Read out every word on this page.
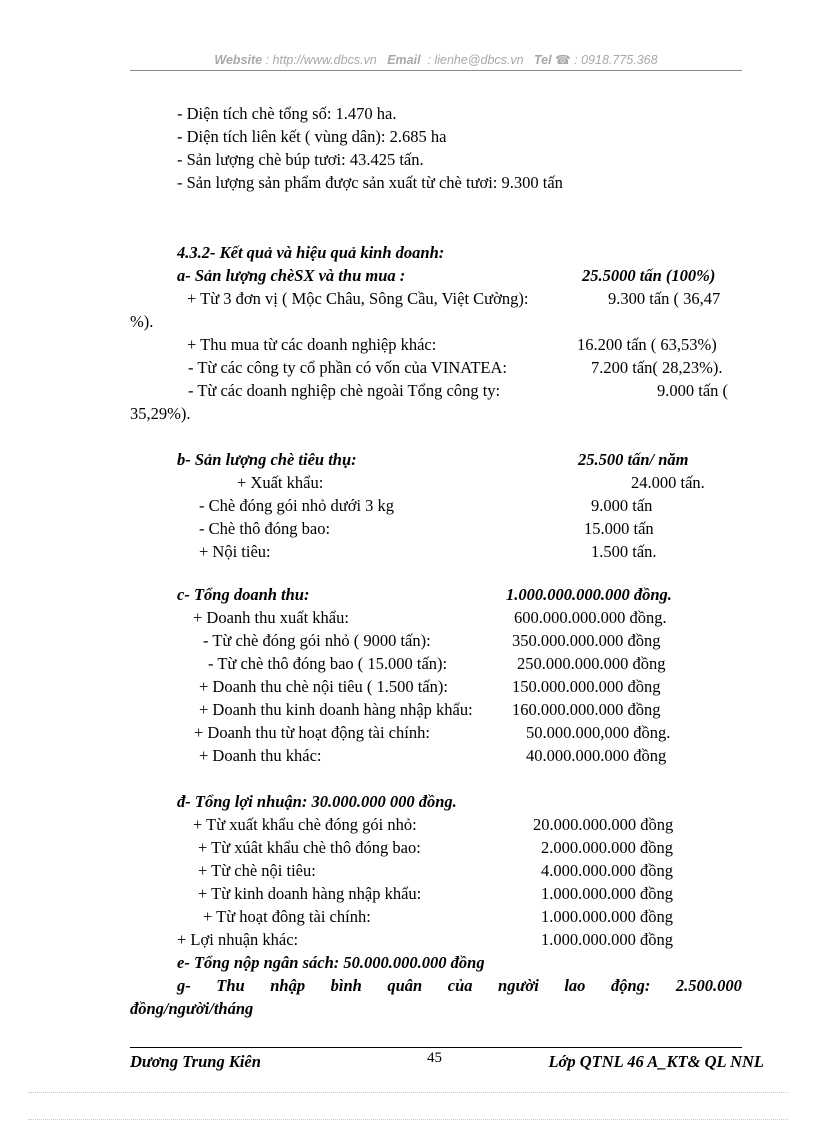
Website : http://www.dbcs.vn Email : lienhe@dbcs.vn Tel ☎ : 0918.775.368
- Diện tích chè tổng số: 1.470 ha.
- Diện tích liên kết ( vùng dân): 2.685 ha
- Sản lượng chè búp tươi: 43.425 tấn.
- Sản lượng sản phẩm được sản xuất từ chè tươi: 9.300 tấn
4.3.2- Kết quả và hiệu quả kinh doanh:
a- Sản lượng chèSX và thu mua :	25.5000 tấn (100%)
+ Từ 3 đơn vị ( Mộc Châu, Sông Cầu, Việt Cường):	9.300 tấn ( 36,47
%).
+ Thu mua từ các doanh nghiệp khác:	16.200 tấn ( 63,53%)
- Từ các công ty cổ phần có vốn của VINATEA:	7.200 tấn( 28,23%).
- Từ các doanh nghiệp chè ngoài Tổng công ty:	9.000 tấn (
35,29%).
b- Sản lượng chè tiêu thụ:	25.500 tấn/ năm
+ Xuất khẩu:	24.000 tấn.
- Chè đóng gói nhỏ dưới 3 kg	9.000 tấn
- Chè thô đóng bao:	15.000 tấn
+ Nội tiêu:	1.500 tấn.
c- Tổng doanh thu:	1.000.000.000.000 đồng.
+ Doanh thu xuất khẩu:	600.000.000.000 đồng.
- Từ chè đóng gói nhỏ ( 9000 tấn):	350.000.000.000 đồng
- Từ chè thô đóng bao ( 15.000 tấn):	250.000.000.000 đồng
+ Doanh thu chè nội tiêu ( 1.500 tấn):	150.000.000.000 đồng
+ Doanh thu kinh doanh hàng nhập khẩu: 160.000.000.000 đồng
+ Doanh thu từ hoạt động tài chính:	50.000.000,000 đồng.
+ Doanh thu khác:	40.000.000.000 đồng
đ- Tổng lợi nhuận: 30.000.000 000 đồng.
+ Từ xuất khẩu chè đóng gói nhỏ:	20.000.000.000 đồng
+ Từ xúât khẩu chè thô đóng bao:	2.000.000.000 đồng
+ Từ chè nội tiêu:	4.000.000.000 đồng
+ Từ kinh doanh hàng nhập khẩu:	1.000.000.000 đồng
+ Từ hoạt đông tài chính:	1.000.000.000 đồng
+ Lợi nhuận khác:	1.000.000.000 đồng
e- Tổng nộp ngân sách: 50.000.000.000 đồng
g- Thu nhập bình quân của người lao động: 2.500.000
đồng/người/tháng
Dương Trung Kiên	45	Lớp QTNL 46 A_KT& QL NNL
